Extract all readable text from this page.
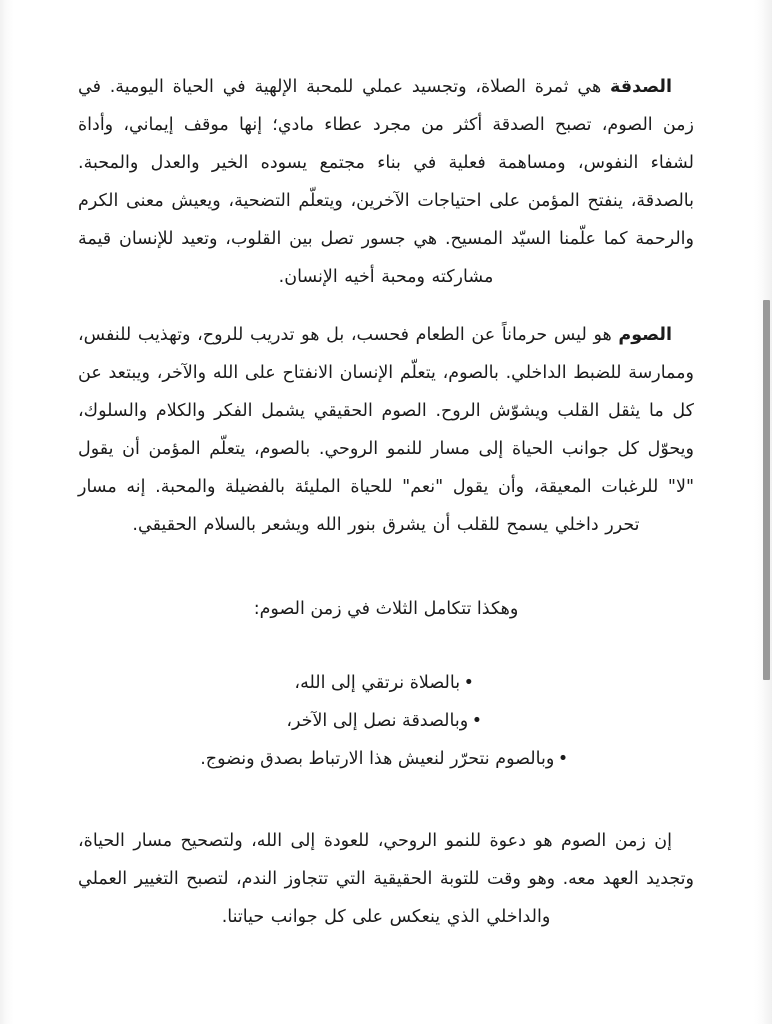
الصدقة هي ثمرة الصلاة، وتجسيد عملي للمحبة الإلهية في الحياة اليومية. في زمن الصوم، تصبح الصدقة أكثر من مجرد عطاء مادي؛ إنها موقف إيماني، وأداة لشفاء النفوس، ومساهمة فعلية في بناء مجتمع يسوده الخير والعدل والمحبة. بالصدقة، ينفتح المؤمن على احتياجات الآخرين، ويتعلّم التضحية، ويعيش معنى الكرم والرحمة كما علّمنا السيّد المسيح. هي جسور تصل بين القلوب، وتعيد للإنسان قيمة مشاركته ومحبة أخيه الإنسان.

الصوم هو ليس حرماناً عن الطعام فحسب، بل هو تدريب للروح، وتهذيب للنفس، وممارسة للضبط الداخلي. بالصوم، يتعلّم الإنسان الانفتاح على الله والآخر، ويبتعد عن كل ما يثقل القلب ويشوّش الروح. الصوم الحقيقي يشمل الفكر والكلام والسلوك، ويحوّل كل جوانب الحياة إلى مسار للنمو الروحي. بالصوم، يتعلّم المؤمن أن يقول "لا" للرغبات المعيقة، وأن يقول "نعم" للحياة المليئة بالفضيلة والمحبة. إنه مسار تحرر داخلي يسمح للقلب أن يشرق بنور الله ويشعر بالسلام الحقيقي.

وهكذا تتكامل الثلاث في زمن الصوم:

•بالصلاة نرتقي إلى الله،
•وبالصدقة نصل إلى الآخر،
•وبالصوم نتحرّر لنعيش هذا الارتباط بصدق ونضوج.

إن زمن الصوم هو دعوة للنمو الروحي، للعودة إلى الله، ولتصحيح مسار الحياة، وتجديد العهد معه. وهو وقت للتوبة الحقيقية التي تتجاوز الندم، لتصبح التغيير العملي والداخلي الذي ينعكس على كل جوانب حياتنا.
